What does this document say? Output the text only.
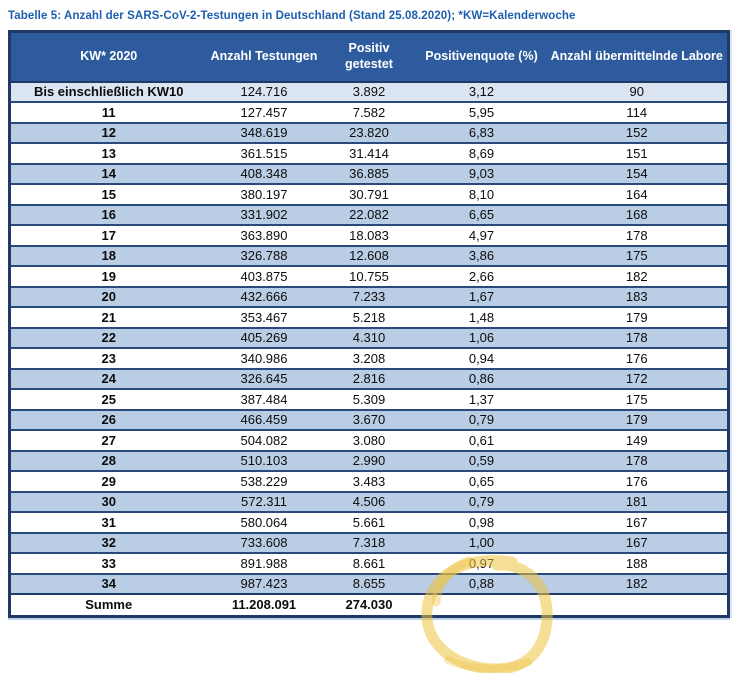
Tabelle 5: Anzahl der SARS-CoV-2-Testungen in Deutschland (Stand 25.08.2020); *KW=Kalenderwoche
KW* 2020	Anzahl Testungen	Positiv getestet	Positivenquote (%)	Anzahl übermittelnde Labore
Bis einschließlich KW10	124.716	3.892	3,12	90
11	127.457	7.582	5,95	114
12	348.619	23.820	6,83	152
13	361.515	31.414	8,69	151
14	408.348	36.885	9,03	154
15	380.197	30.791	8,10	164
16	331.902	22.082	6,65	168
17	363.890	18.083	4,97	178
18	326.788	12.608	3,86	175
19	403.875	10.755	2,66	182
20	432.666	7.233	1,67	183
21	353.467	5.218	1,48	179
22	405.269	4.310	1,06	178
23	340.986	3.208	0,94	176
24	326.645	2.816	0,86	172
25	387.484	5.309	1,37	175
26	466.459	3.670	0,79	179
27	504.082	3.080	0,61	149
28	510.103	2.990	0,59	178
29	538.229	3.483	0,65	176
30	572.311	4.506	0,79	181
31	580.064	5.661	0,98	167
32	733.608	7.318	1,00	167
33	891.988	8.661	0,97	188
34	987.423	8.655	0,88	182
Summe	11.208.091	274.030		
